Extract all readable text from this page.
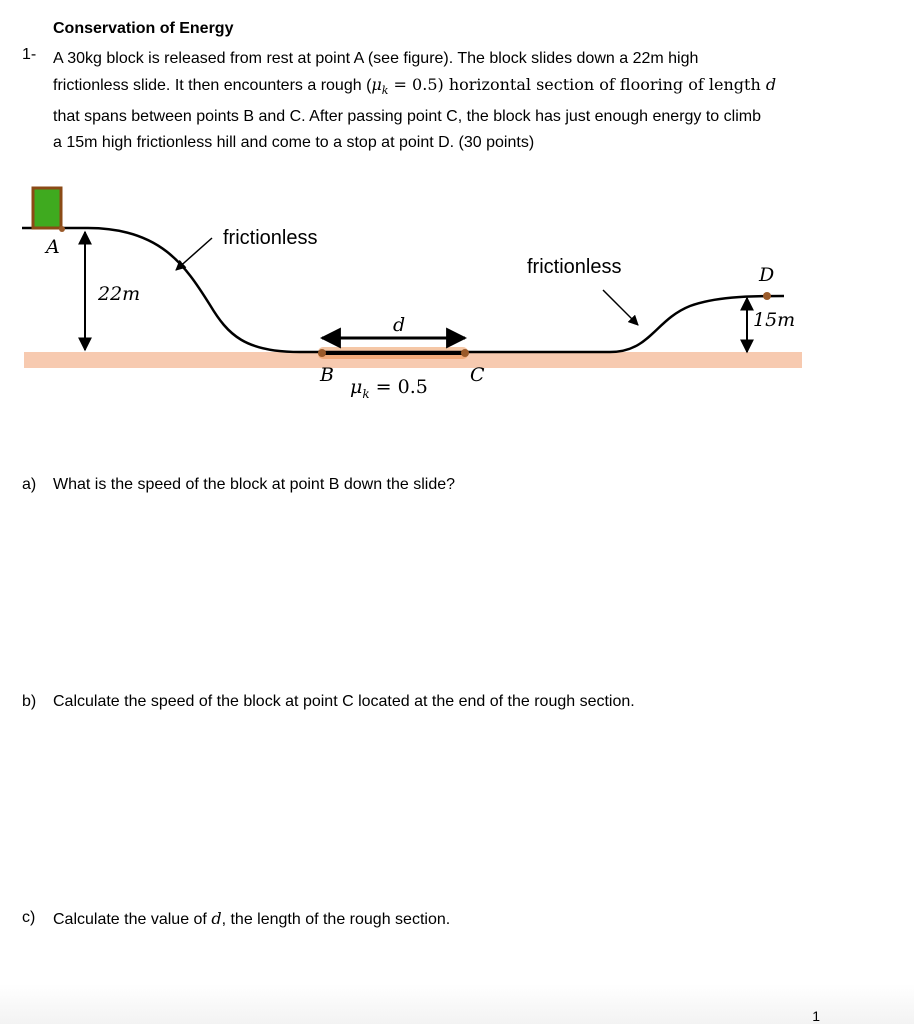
Conservation of Energy
1- A 30kg block is released from rest at point A (see figure). The block slides down a 22m high
frictionless slide. It then encounters a rough $(\mu_k = 0.5)$ horizontal section of flooring of length d
that spans between points B and C. After passing point C, the block has just enough energy to climb
a 15m high frictionless hill and come to a stop at point D. (30 points)
A
22m
frictionless
frictionless	D
15m
d
B	C
$\mu_k = 0.5$
a) What is the speed of the block at point B down the slide?
b) Calculate the speed of the block at point C located at the end of the rough section.
c) Calculate the value of d, the length of the rough section.
1
